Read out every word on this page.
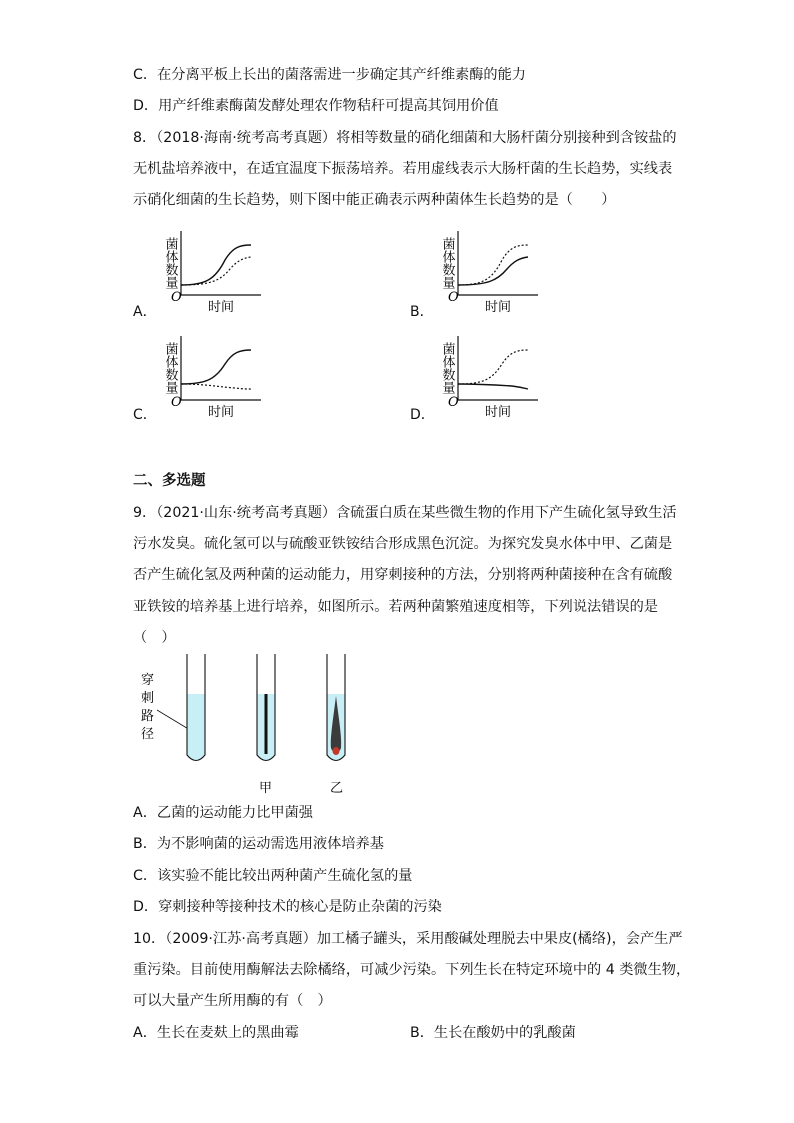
C．在分离平板上长出的菌落需进一步确定其产纤维素酶的能力
D．用产纤维素酶菌发酵处理农作物秸秆可提高其饲用价值
8．（2018·海南·统考高考真题）将相等数量的硝化细菌和大肠杆菌分别接种到含铵盐的
无机盐培养液中，在适宜温度下振荡培养。若用虚线表示大肠杆菌的生长趋势，实线表
示硝化细菌的生长趋势，则下图中能正确表示两种菌体生长趋势的是（　　）
A．	B．
C．	D．
菌体数量
O
时间
菌体数量
O
时间
菌体数量
O
时间
菌体数量
O
时间
二、多选题
9．（2021·山东·统考高考真题）含硫蛋白质在某些微生物的作用下产生硫化氢导致生活
污水发臭。硫化氢可以与硫酸亚铁铵结合形成黑色沉淀。为探究发臭水体中甲、乙菌是
否产生硫化氢及两种菌的运动能力，用穿刺接种的方法，分别将两种菌接种在含有硫酸
亚铁铵的培养基上进行培养，如图所示。若两种菌繁殖速度相等，下列说法错误的是
（　）
穿
刺
路
径
甲	乙
A．乙菌的运动能力比甲菌强
B．为不影响菌的运动需选用液体培养基
C．该实验不能比较出两种菌产生硫化氢的量
D．穿刺接种等接种技术的核心是防止杂菌的污染
10．（2009·江苏·高考真题）加工橘子罐头，采用酸碱处理脱去中果皮(橘络)，会产生严
重污染。目前使用酶解法去除橘络，可减少污染。下列生长在特定环境中的 4 类微生物，
可以大量产生所用酶的有（　）
A．生长在麦麸上的黑曲霉	B．生长在酸奶中的乳酸菌
